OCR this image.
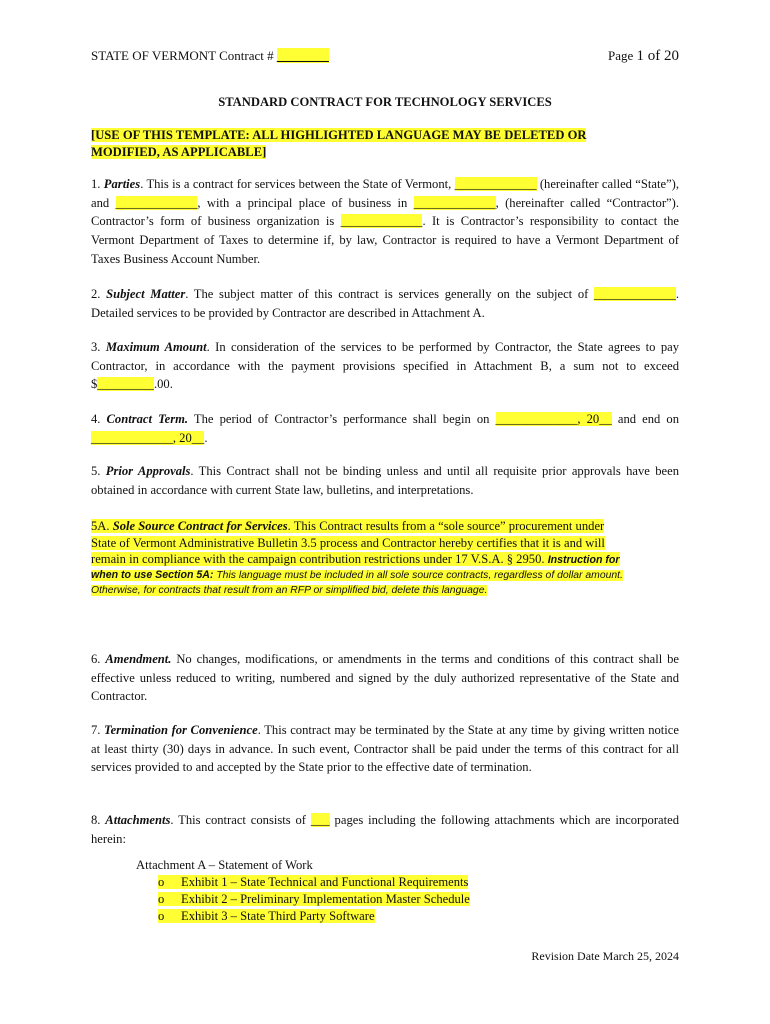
STATE OF VERMONT Contract # ________	Page 1 of 20
STANDARD CONTRACT FOR TECHNOLOGY SERVICES
[USE OF THIS TEMPLATE: ALL HIGHLIGHTED LANGUAGE MAY BE DELETED OR
MODIFIED, AS APPLICABLE]
1. Parties. This is a contract for services between the State of Vermont, _____________ (hereinafter called “State”), and _____________, with a principal place of business in _____________, (hereinafter called “Contractor”). Contractor’s form of business organization is _____________. It is Contractor’s responsibility to contact the Vermont Department of Taxes to determine if, by law, Contractor is required to have a Vermont Department of Taxes Business Account Number.
2. Subject Matter. The subject matter of this contract is services generally on the subject of _____________. Detailed services to be provided by Contractor are described in Attachment A.
3. Maximum Amount. In consideration of the services to be performed by Contractor, the State agrees to pay Contractor, in accordance with the payment provisions specified in Attachment B, a sum not to exceed $_________.00.
4. Contract Term. The period of Contractor’s performance shall begin on _____________, 20__ and end on _____________, 20__.
5. Prior Approvals. This Contract shall not be binding unless and until all requisite prior approvals have been obtained in accordance with current State law, bulletins, and interpretations.
5A. Sole Source Contract for Services. This Contract results from a “sole source” procurement under
State of Vermont Administrative Bulletin 3.5 process and Contractor hereby certifies that it is and will
remain in compliance with the campaign contribution restrictions under 17 V.S.A. § 2950. Instruction for
when to use Section 5A: This language must be included in all sole source contracts, regardless of dollar amount.
Otherwise, for contracts that result from an RFP or simplified bid, delete this language.
6. Amendment. No changes, modifications, or amendments in the terms and conditions of this contract shall be effective unless reduced to writing, numbered and signed by the duly authorized representative of the State and Contractor.
7. Termination for Convenience. This contract may be terminated by the State at any time by giving written notice at least thirty (30) days in advance. In such event, Contractor shall be paid under the terms of this contract for all services provided to and accepted by the State prior to the effective date of termination.
8. Attachments. This contract consists of ___ pages including the following attachments which are incorporated herein:
Attachment A – Statement of Work
o Exhibit 1 – State Technical and Functional Requirements
o Exhibit 2 – Preliminary Implementation Master Schedule
o Exhibit 3 – State Third Party Software
Revision Date March 25, 2024
